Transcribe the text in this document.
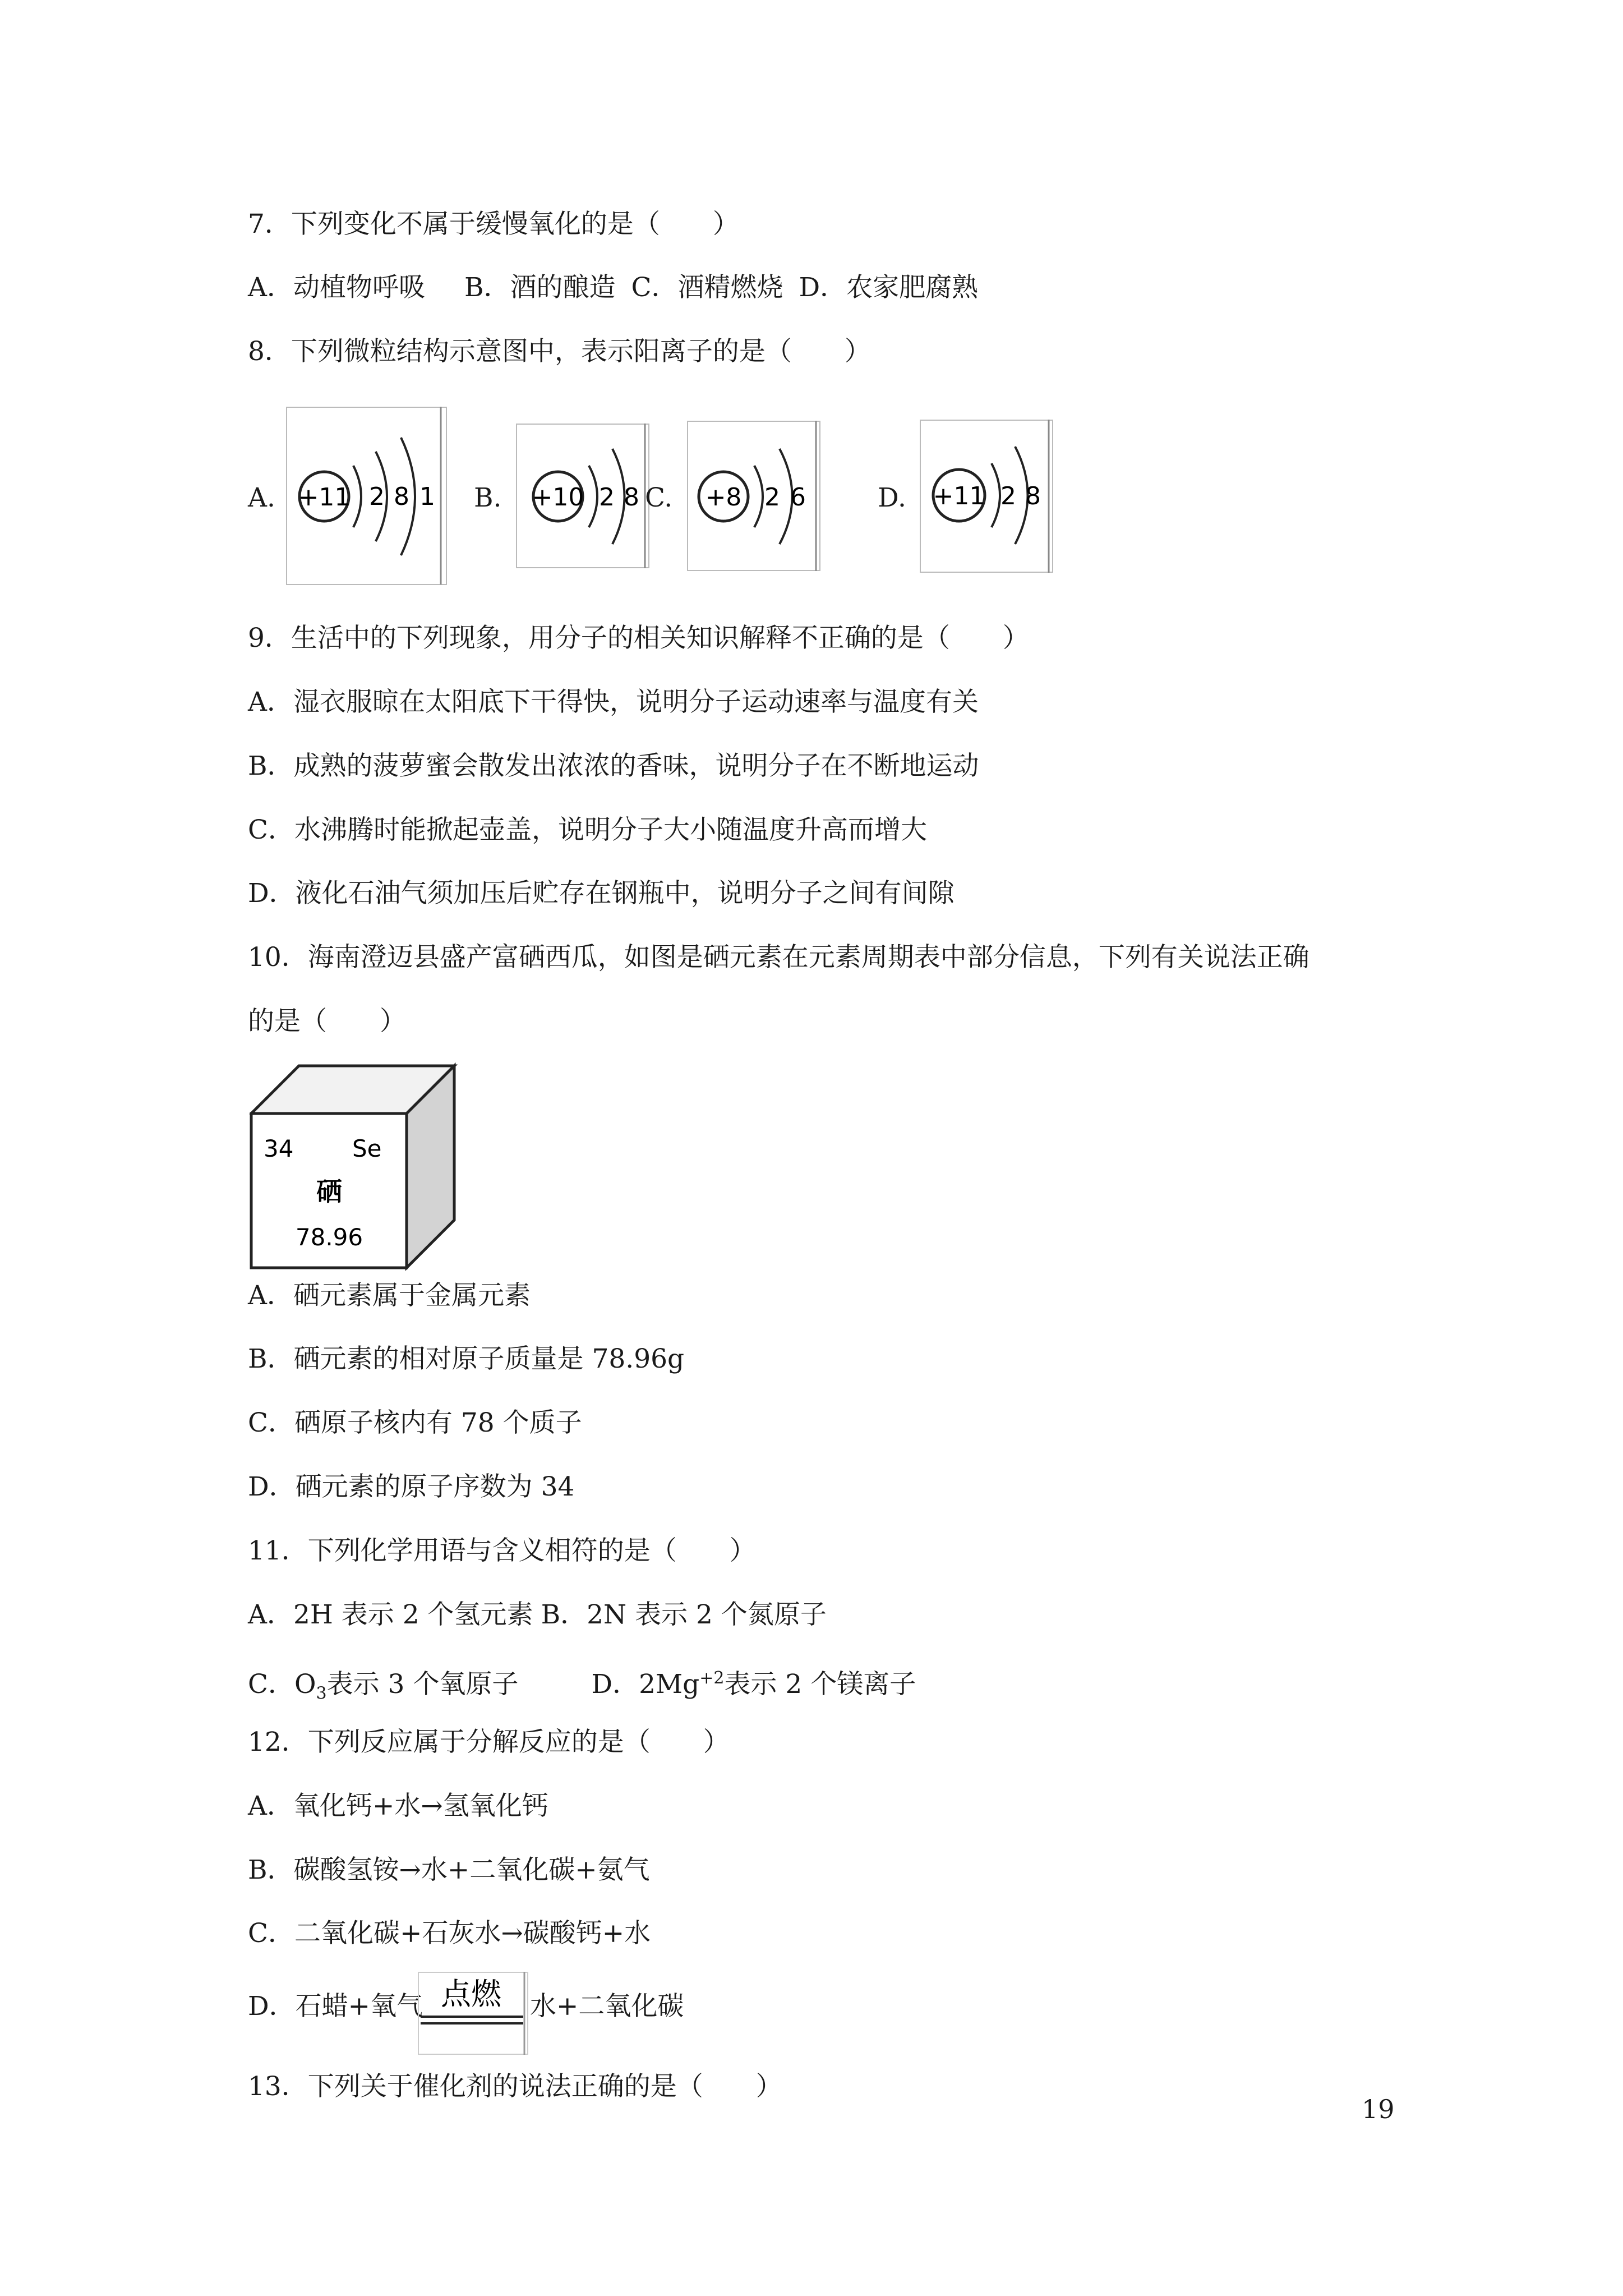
7．下列变化不属于缓慢氧化的是（　　）
A．动植物呼吸 B．酒的酿造 C．酒精燃烧 D．农家肥腐熟
8．下列微粒结构示意图中，表示阳离子的是（　　）
A. +11 2 8 1 B. +10 2 8 C. +8 2 6	D. +11 2 8
9．生活中的下列现象，用分子的相关知识解释不正确的是（　　）
A．湿衣服晾在太阳底下干得快，说明分子运动速率与温度有关
B．成熟的菠萝蜜会散发出浓浓的香味，说明分子在不断地运动
C．水沸腾时能掀起壶盖，说明分子大小随温度升高而增大
D．液化石油气须加压后贮存在钢瓶中，说明分子之间有间隙
10．海南澄迈县盛产富硒西瓜，如图是硒元素在元素周期表中部分信息，下列有关说法正确
的是（　　）
34 Se
硒
78.96
A．硒元素属于金属元素
B．硒元素的相对原子质量是 78.96g
C．硒原子核内有 78 个质子
D．硒元素的原子序数为 34
11．下列化学用语与含义相符的是（　　）
A．2H 表示 2 个氢元素 B．2N 表示 2 个氮原子
C．$O_3$表示 3 个氧原子	D．$2Mg^{+2}$表示 2 个镁离子
12．下列反应属于分解反应的是（　　）
A．氧化钙+水→氢氧化钙
B．碳酸氢铵→水+二氧化碳+氨气
C．二氧化碳+石灰水→碳酸钙+水
D．石蜡+氧气 点燃 水+二氧化碳
13．下列关于催化剂的说法正确的是（　　）
19
